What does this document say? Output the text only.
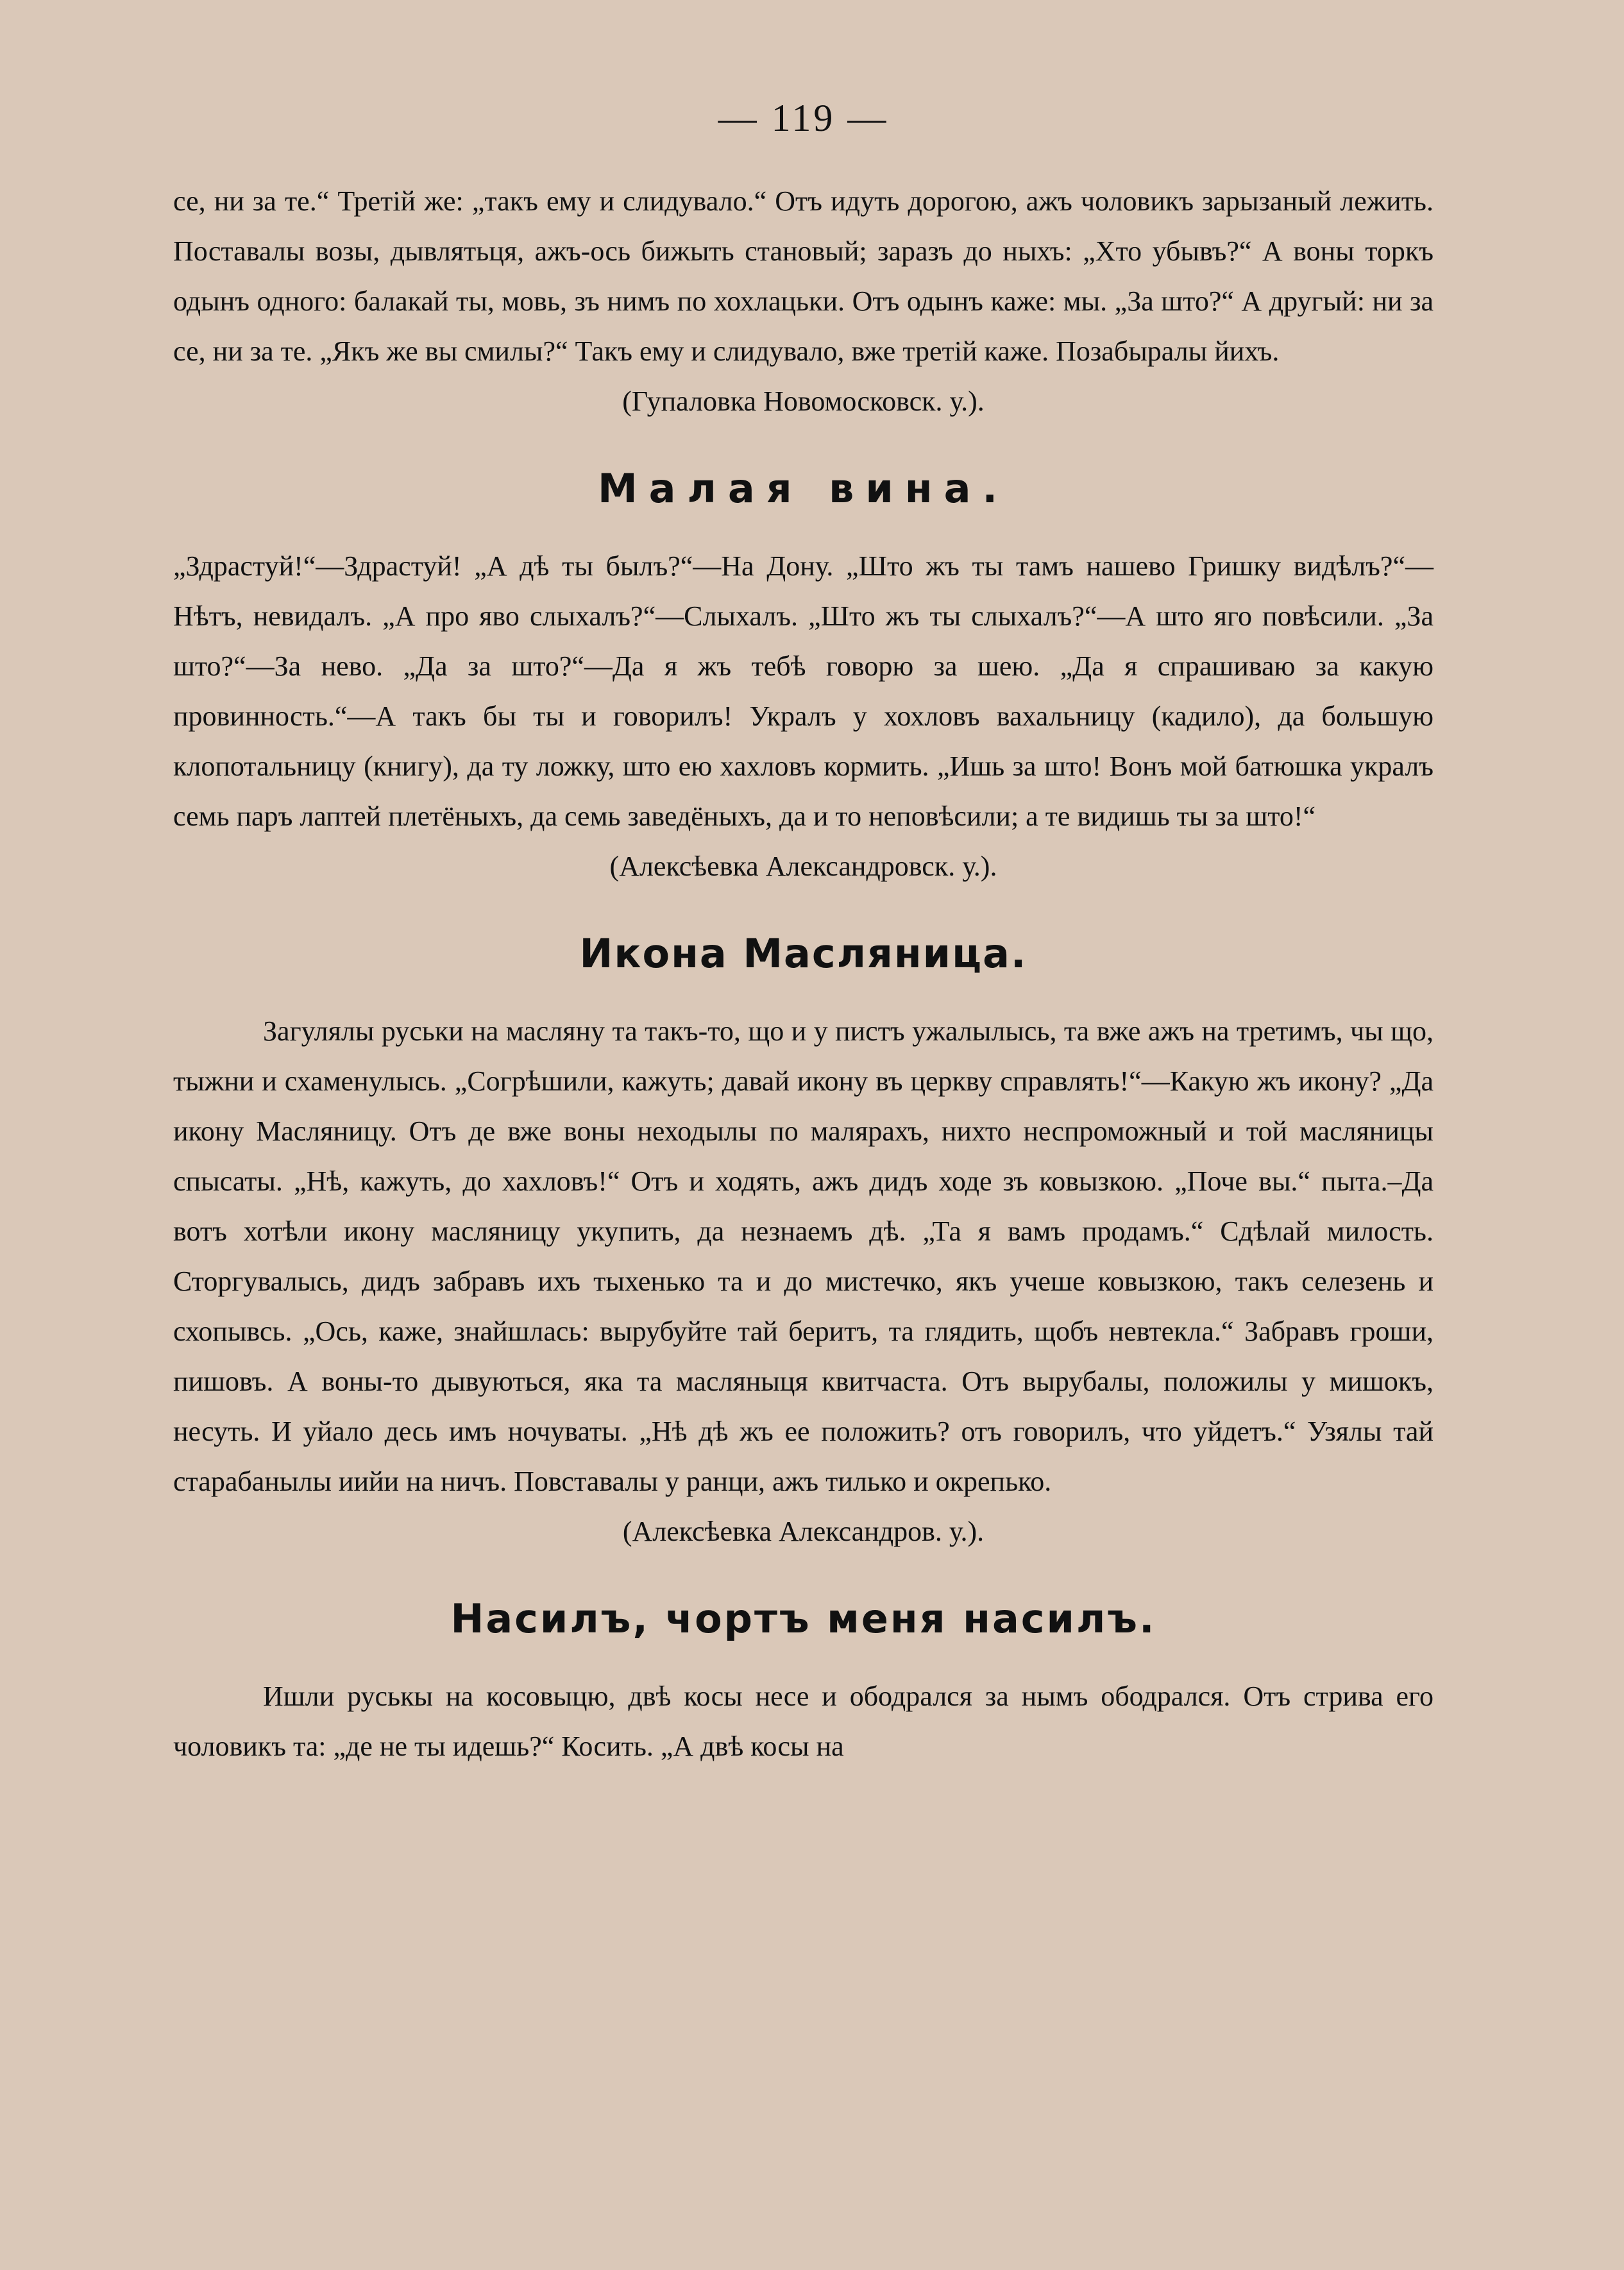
— 119 —

се, ни за те.“ Третій же: „такъ ему и слидувало.“ Отъ идуть дорогою, ажъ чоловикъ зарызаный лежить. Поставалы возы, дывлятьця, ажъ-ось бижыть становый; заразъ до ныхъ: „Хто убывъ?“ А воны торкъ одынъ одного: балакай ты, мовь, зъ нимъ по хохлацьки. Отъ одынъ каже: мы. „За што?“ А другый: ни за се, ни за те. „Якъ же вы смилы?“ Такъ ему и слидувало, вже третій каже. Позабыралы йихъ.

(Гупаловка Новомосковск. у.).

Малая вина.

„Здрастуй!“—Здрастуй! „А дѣ ты былъ?“—На Дону. „Што жъ ты тамъ нашево Гришку видѣлъ?“—Нѣтъ, невидалъ. „А про яво слыхалъ?“—Слыхалъ. „Што жъ ты слыхалъ?“—А што яго повѣсили. „За што?“—За нево. „Да за што?“—Да я жъ тебѣ говорю за шею. „Да я спрашиваю за какую провинность.“—А такъ бы ты и говорилъ! Укралъ у хохловъ вахальницу (кадило), да большую клопотальницу (книгу), да ту ложку, што ею хахловъ кормить. „Ишь за што! Вонъ мой батюшка укралъ семь паръ лаптей плетёныхъ, да семь заведёныхъ, да и то неповѣсили; а те видишь ты за што!“

(Алексѣевка Александровск. у.).

Икона Масляница.

Загулялы руськи на масляну та такъ-то, що и у пистъ ужалылысь, та вже ажъ на третимъ, чы що, тыжни и схаменулысь. „Согрѣшили, кажуть; давай икону въ церкву справлять!“—Какую жъ икону? „Да икону Масляницу. Отъ де вже воны неходылы по малярахъ, нихто неспроможный и той масляницы спысаты. „Нѣ, кажуть, до хахловъ!“ Отъ и ходять, ажъ дидъ ходе зъ ковызкою. „Поче вы.“ пыта.–Да вотъ хотѣли икону масляницу укупить, да незнаемъ дѣ. „Та я вамъ продамъ.“ Сдѣлай милость. Сторгувалысь, дидъ забравъ ихъ тыхенько та и до мистечко, якъ учеше ковызкою, такъ селезень и схопывсь. „Ось, каже, знайшлась: вырубуйте тай беритъ, та глядить, щобъ невтекла.“ Забравъ гроши, пишовъ. А воны-то дывуються, яка та масляныця квитчаста. Отъ вырубалы, положилы у мишокъ, несуть. И уйало десь имъ ночуваты. „Нѣ дѣ жъ ее положить? отъ говорилъ, что уйдетъ.“ Узялы тай старабанылы иийи на ничъ. Повставалы у ранци, ажъ тилько и окрепько.

(Алексѣевка Александров. у.).

Насилъ, чортъ меня насилъ.

Ишли руськы на косовыцю, двѣ косы несе и ободрался за нымъ ободрался. Отъ стрива его чоловикъ та: „де не ты идешь?“ Косить. „А двѣ косы на
